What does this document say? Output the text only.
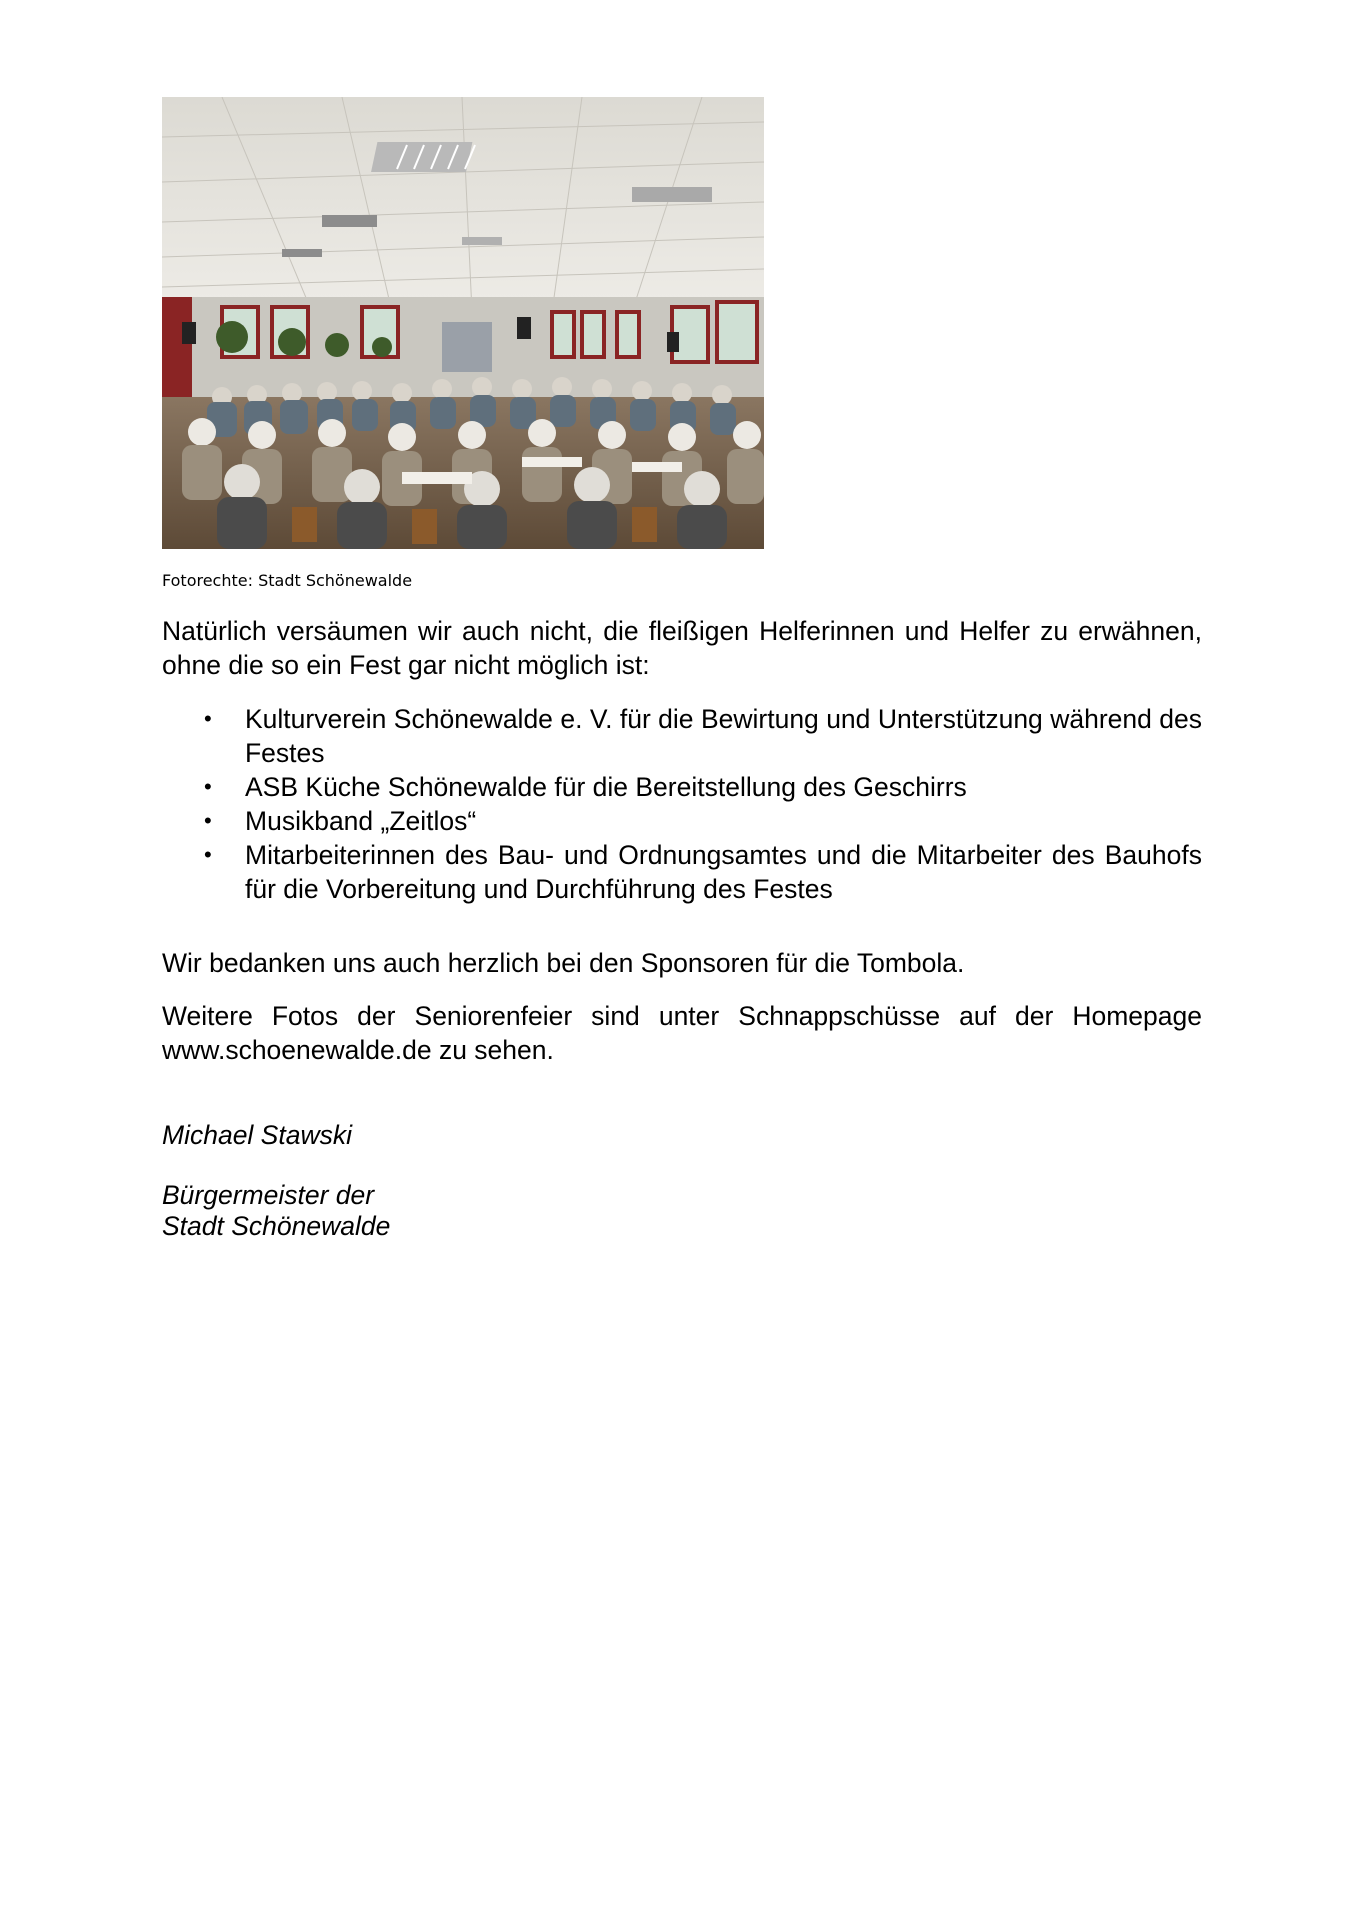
Fotorechte: Stadt Schönewalde

Natürlich versäumen wir auch nicht, die fleißigen Helferinnen und Helfer zu erwähnen, ohne die so ein Fest gar nicht möglich ist:

• Kulturverein Schönewalde e. V. für die Bewirtung und Unterstützung während des Festes
• ASB Küche Schönewalde für die Bereitstellung des Geschirrs
• Musikband „Zeitlos“
• Mitarbeiterinnen des Bau- und Ordnungsamtes und die Mitarbeiter des Bauhofs für die Vorbereitung und Durchführung des Festes

Wir bedanken uns auch herzlich bei den Sponsoren für die Tombola.

Weitere Fotos der Seniorenfeier sind unter Schnappschüsse auf der Homepage www.schoenewalde.de zu sehen.

Michael Stawski
Bürgermeister der
Stadt Schönewalde
